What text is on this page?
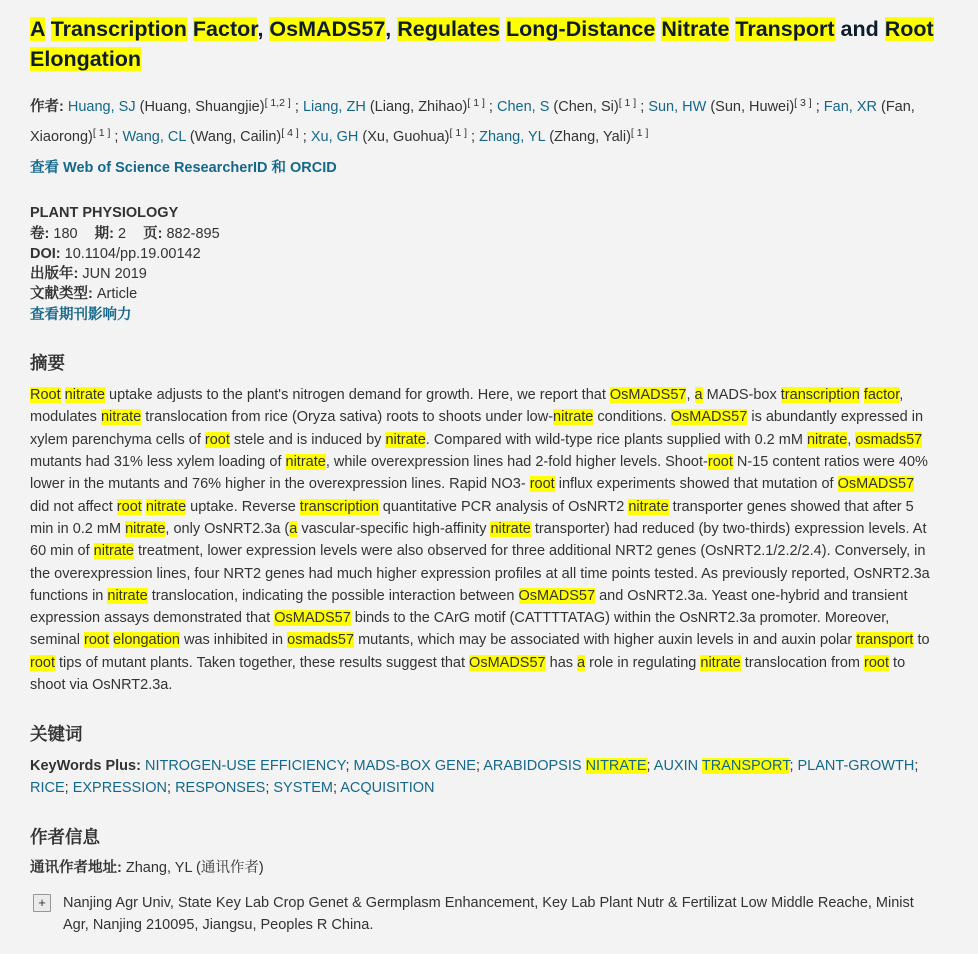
A Transcription Factor, OsMADS57, Regulates Long-Distance Nitrate Transport and Root Elongation

作者: Huang, SJ (Huang, Shuangjie)[ 1,2 ] ; Liang, ZH (Liang, Zhihao)[ 1 ] ; Chen, S (Chen, Si)[ 1 ] ; Sun, HW (Sun, Huwei)[ 3 ] ; Fan, XR (Fan, Xiaorong)[ 1 ] ; Wang, CL (Wang, Cailin)[ 4 ] ; Xu, GH (Xu, Guohua)[ 1 ] ; Zhang, YL (Zhang, Yali)[ 1 ]

查看 Web of Science ResearcherID 和 ORCID
PLANT PHYSIOLOGY
卷: 180 期: 2 页: 882-895
DOI: 10.1104/pp.19.00142
出版年: JUN 2019
文献类型: Article
查看期刊影响力
摘要

Root nitrate uptake adjusts to the plant's nitrogen demand for growth. Here, we report that OsMADS57, a MADS-box transcription factor, modulates nitrate translocation from rice (Oryza sativa) roots to shoots under low-nitrate conditions. OsMADS57 is abundantly expressed in xylem parenchyma cells of root stele and is induced by nitrate. Compared with wild-type rice plants supplied with 0.2 mM nitrate, osmads57 mutants had 31% less xylem loading of nitrate, while overexpression lines had 2-fold higher levels. Shoot-root N-15 content ratios were 40% lower in the mutants and 76% higher in the overexpression lines. Rapid NO3- root influx experiments showed that mutation of OsMADS57 did not affect root nitrate uptake. Reverse transcription quantitative PCR analysis of OsNRT2 nitrate transporter genes showed that after 5 min in 0.2 mM nitrate, only OsNRT2.3a (a vascular-specific high-affinity nitrate transporter) had reduced (by two-thirds) expression levels. At 60 min of nitrate treatment, lower expression levels were also observed for three additional NRT2 genes (OsNRT2.1/2.2/2.4). Conversely, in the overexpression lines, four NRT2 genes had much higher expression profiles at all time points tested. As previously reported, OsNRT2.3a functions in nitrate translocation, indicating the possible interaction between OsMADS57 and OsNRT2.3a. Yeast one-hybrid and transient expression assays demonstrated that OsMADS57 binds to the CArG motif (CATTTTATAG) within the OsNRT2.3a promoter. Moreover, seminal root elongation was inhibited in osmads57 mutants, which may be associated with higher auxin levels in and auxin polar transport to root tips of mutant plants. Taken together, these results suggest that OsMADS57 has a role in regulating nitrate translocation from root to shoot via OsNRT2.3a.

关键词

KeyWords Plus: NITROGEN-USE EFFICIENCY; MADS-BOX GENE; ARABIDOPSIS NITRATE; AUXIN TRANSPORT; PLANT-GROWTH; RICE; EXPRESSION; RESPONSES; SYSTEM; ACQUISITION

作者信息
通讯作者地址: Zhang, YL (通讯作者)
+	Nanjing Agr Univ, State Key Lab Crop Genet & Germplasm Enhancement, Key Lab Plant Nutr & Fertilizat Low Middle Reache, Minist Agr, Nanjing 210095, Jiangsu, Peoples R China.
